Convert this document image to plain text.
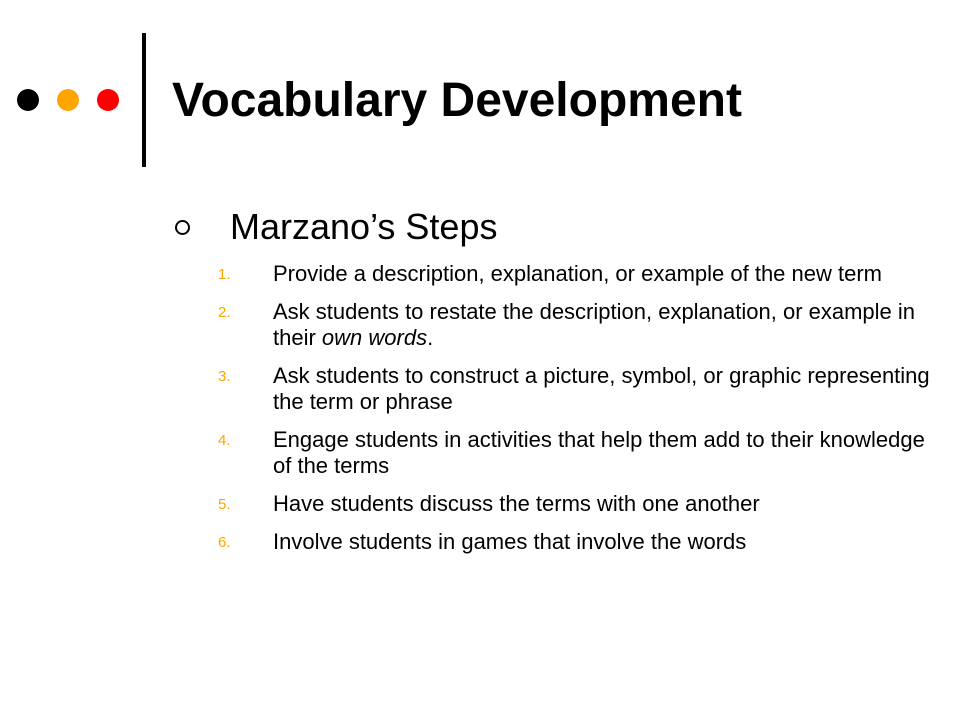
Vocabulary Development
Marzano’s Steps
1. Provide a description, explanation, or example of the new term
2. Ask students to restate the description, explanation, or example in their own words.
3. Ask students to construct a picture, symbol, or graphic representing the term or phrase
4. Engage students in activities that help them add to their knowledge of the terms
5. Have students discuss the terms with one another
6. Involve students in games that involve the words
